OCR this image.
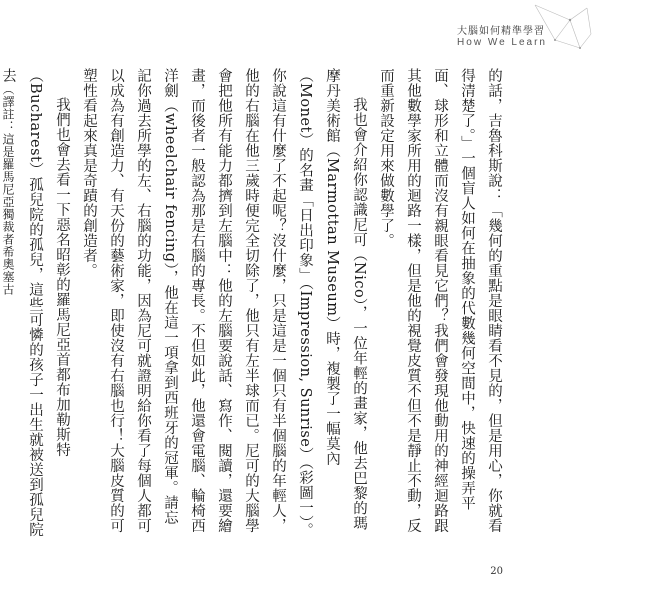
大腦如何精準學習
How We Learn

的話，吉魯科斯說：「幾何的重點是眼睛看不見的，但是用心，你就看得清楚了。」一個盲人如何在抽象的代數幾何空間中，快速的操弄平面、球形和立體而沒有親眼看見它們？我們會發現他動用的神經迴路跟其他數學家所用的迴路一樣，但是他的視覺皮質不但不是靜止不動，反而重新設定用來做數學了。

我也會介紹你認識尼可（Nico），一位年輕的畫家，他去巴黎的瑪摩丹美術館（Marmottan Museum）時，複製了一幅莫內（Monet）的名畫「日出印象」（Impression, Sunrise）（彩圖一）。你說這有什麼了不起呢？沒什麼，只是這是一個只有半個腦的年輕人，他的右腦在他三歲時便完全切除了，他只有左半球而已。尼可的大腦學會把他所有能力都擠到左腦中：他的左腦要說話、寫作、閱讀，還要繪畫，而後者一般認為那是右腦的專長。不但如此，他還會電腦、輪椅西洋劍（wheelchair fencing），他在這一項拿到西班牙的冠軍。請忘記你過去所學的左、右腦的功能，因為尼可就證明給你看了每個人都可以成為有創造力、有天份的藝術家，即使沒有右腦也行！大腦皮質的可塑性看起來真是奇蹟的創造者。

我們也會去看一下惡名昭彰的羅馬尼亞首都布加勒斯特（Bucharest）孤兒院的孤兒，這些可憐的孩子一出生就被送到孤兒院去（譯註：這是羅馬尼亞獨裁者希奧塞古

20
